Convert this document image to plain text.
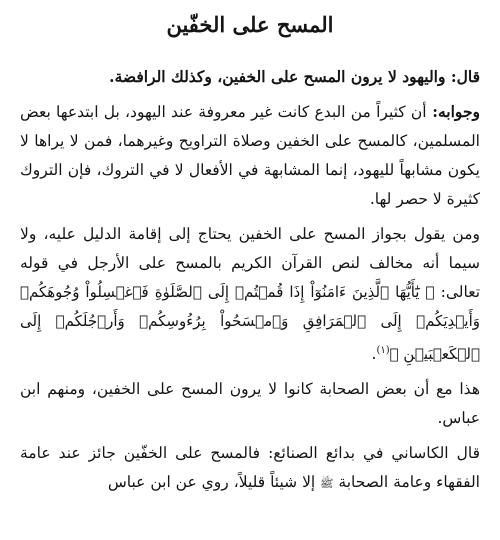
المسح على الخفّين

قال: واليهود لا يرون المسح على الخفين، وكذلك الرافضة.

وجوابه: أن كثيراً من البدع كانت غير معروفة عند اليهود، بل ابتدعها بعض المسلمين، كالمسح على الخفين وصلاة التراويح وغيرهما، فمن لا يراها لا يكون مشابهاً لليهود، إنما المشابهة في الأفعال لا في التروك، فإن التروك كثيرة لا حصر لها.

ومن يقول بجواز المسح على الخفين يحتاج إلى إقامة الدليل عليه، ولا سيما أنه مخالف لنص القرآن الكريم بالمسح على الأرجل في قوله تعالى: ﴿ يَٰٓأَيُّهَا ٱلَّذِينَ ءَامَنُوٓاْ إِذَا قُمۡتُمۡ إِلَى ٱلصَّلَوٰةِ فَٱغۡسِلُواْ وُجُوهَكُمۡ وَأَيۡدِيَكُمۡ إِلَى ٱلۡمَرَافِقِ وَٱمۡسَحُواْ بِرُءُوسِكُمۡ وَأَرۡجُلَكُمۡ إِلَى ٱلۡكَعۡبَيۡنِ ﴾$^{(١)}$.

هذا مع أن بعض الصحابة كانوا لا يرون المسح على الخفين، ومنهم ابن عباس.

قال الكاساني في بدائع الصنائع: فالمسح على الخفّين جائز عند عامة الفقهاء وعامة الصحابة ﷺ إلا شيئاً قليلاً، روي عن ابن عباس
